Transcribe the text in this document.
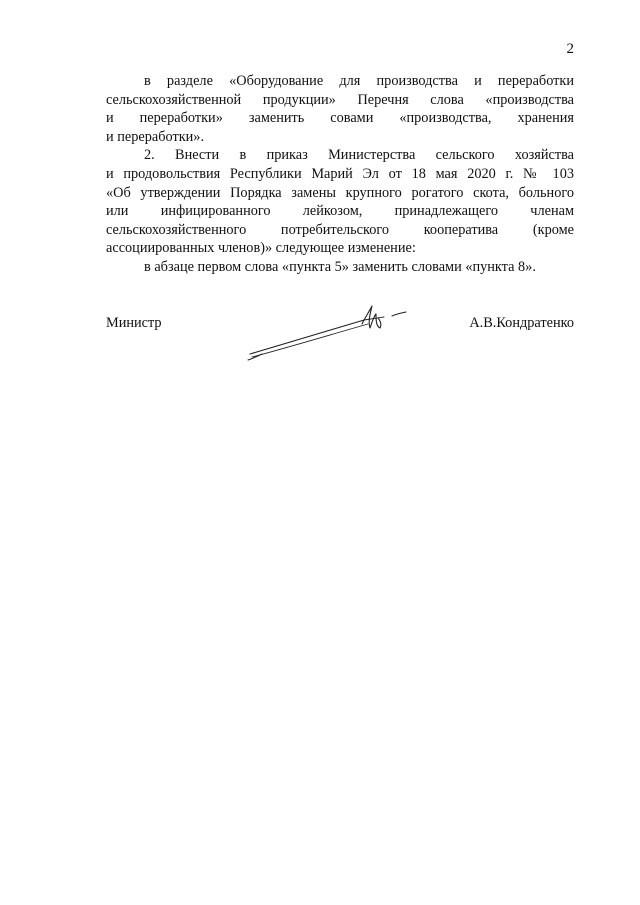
2

в разделе «Оборудование для производства и переработки
сельскохозяйственной продукции» Перечня слова «производства
и переработки» заменить совами «производства, хранения
и переработки».

2. Внести в приказ Министерства сельского хозяйства
и продовольствия Республики Марий Эл от 18 мая 2020 г. № 103
«Об утверждении Порядка замены крупного рогатого скота, больного
или инфицированного лейкозом, принадлежащего членам
сельскохозяйственного потребительского кооператива (кроме
ассоциированных членов)» следующее изменение:

в абзаце первом слова «пункта 5» заменить словами «пункта 8».

Министр	А.В.Кондратенко
